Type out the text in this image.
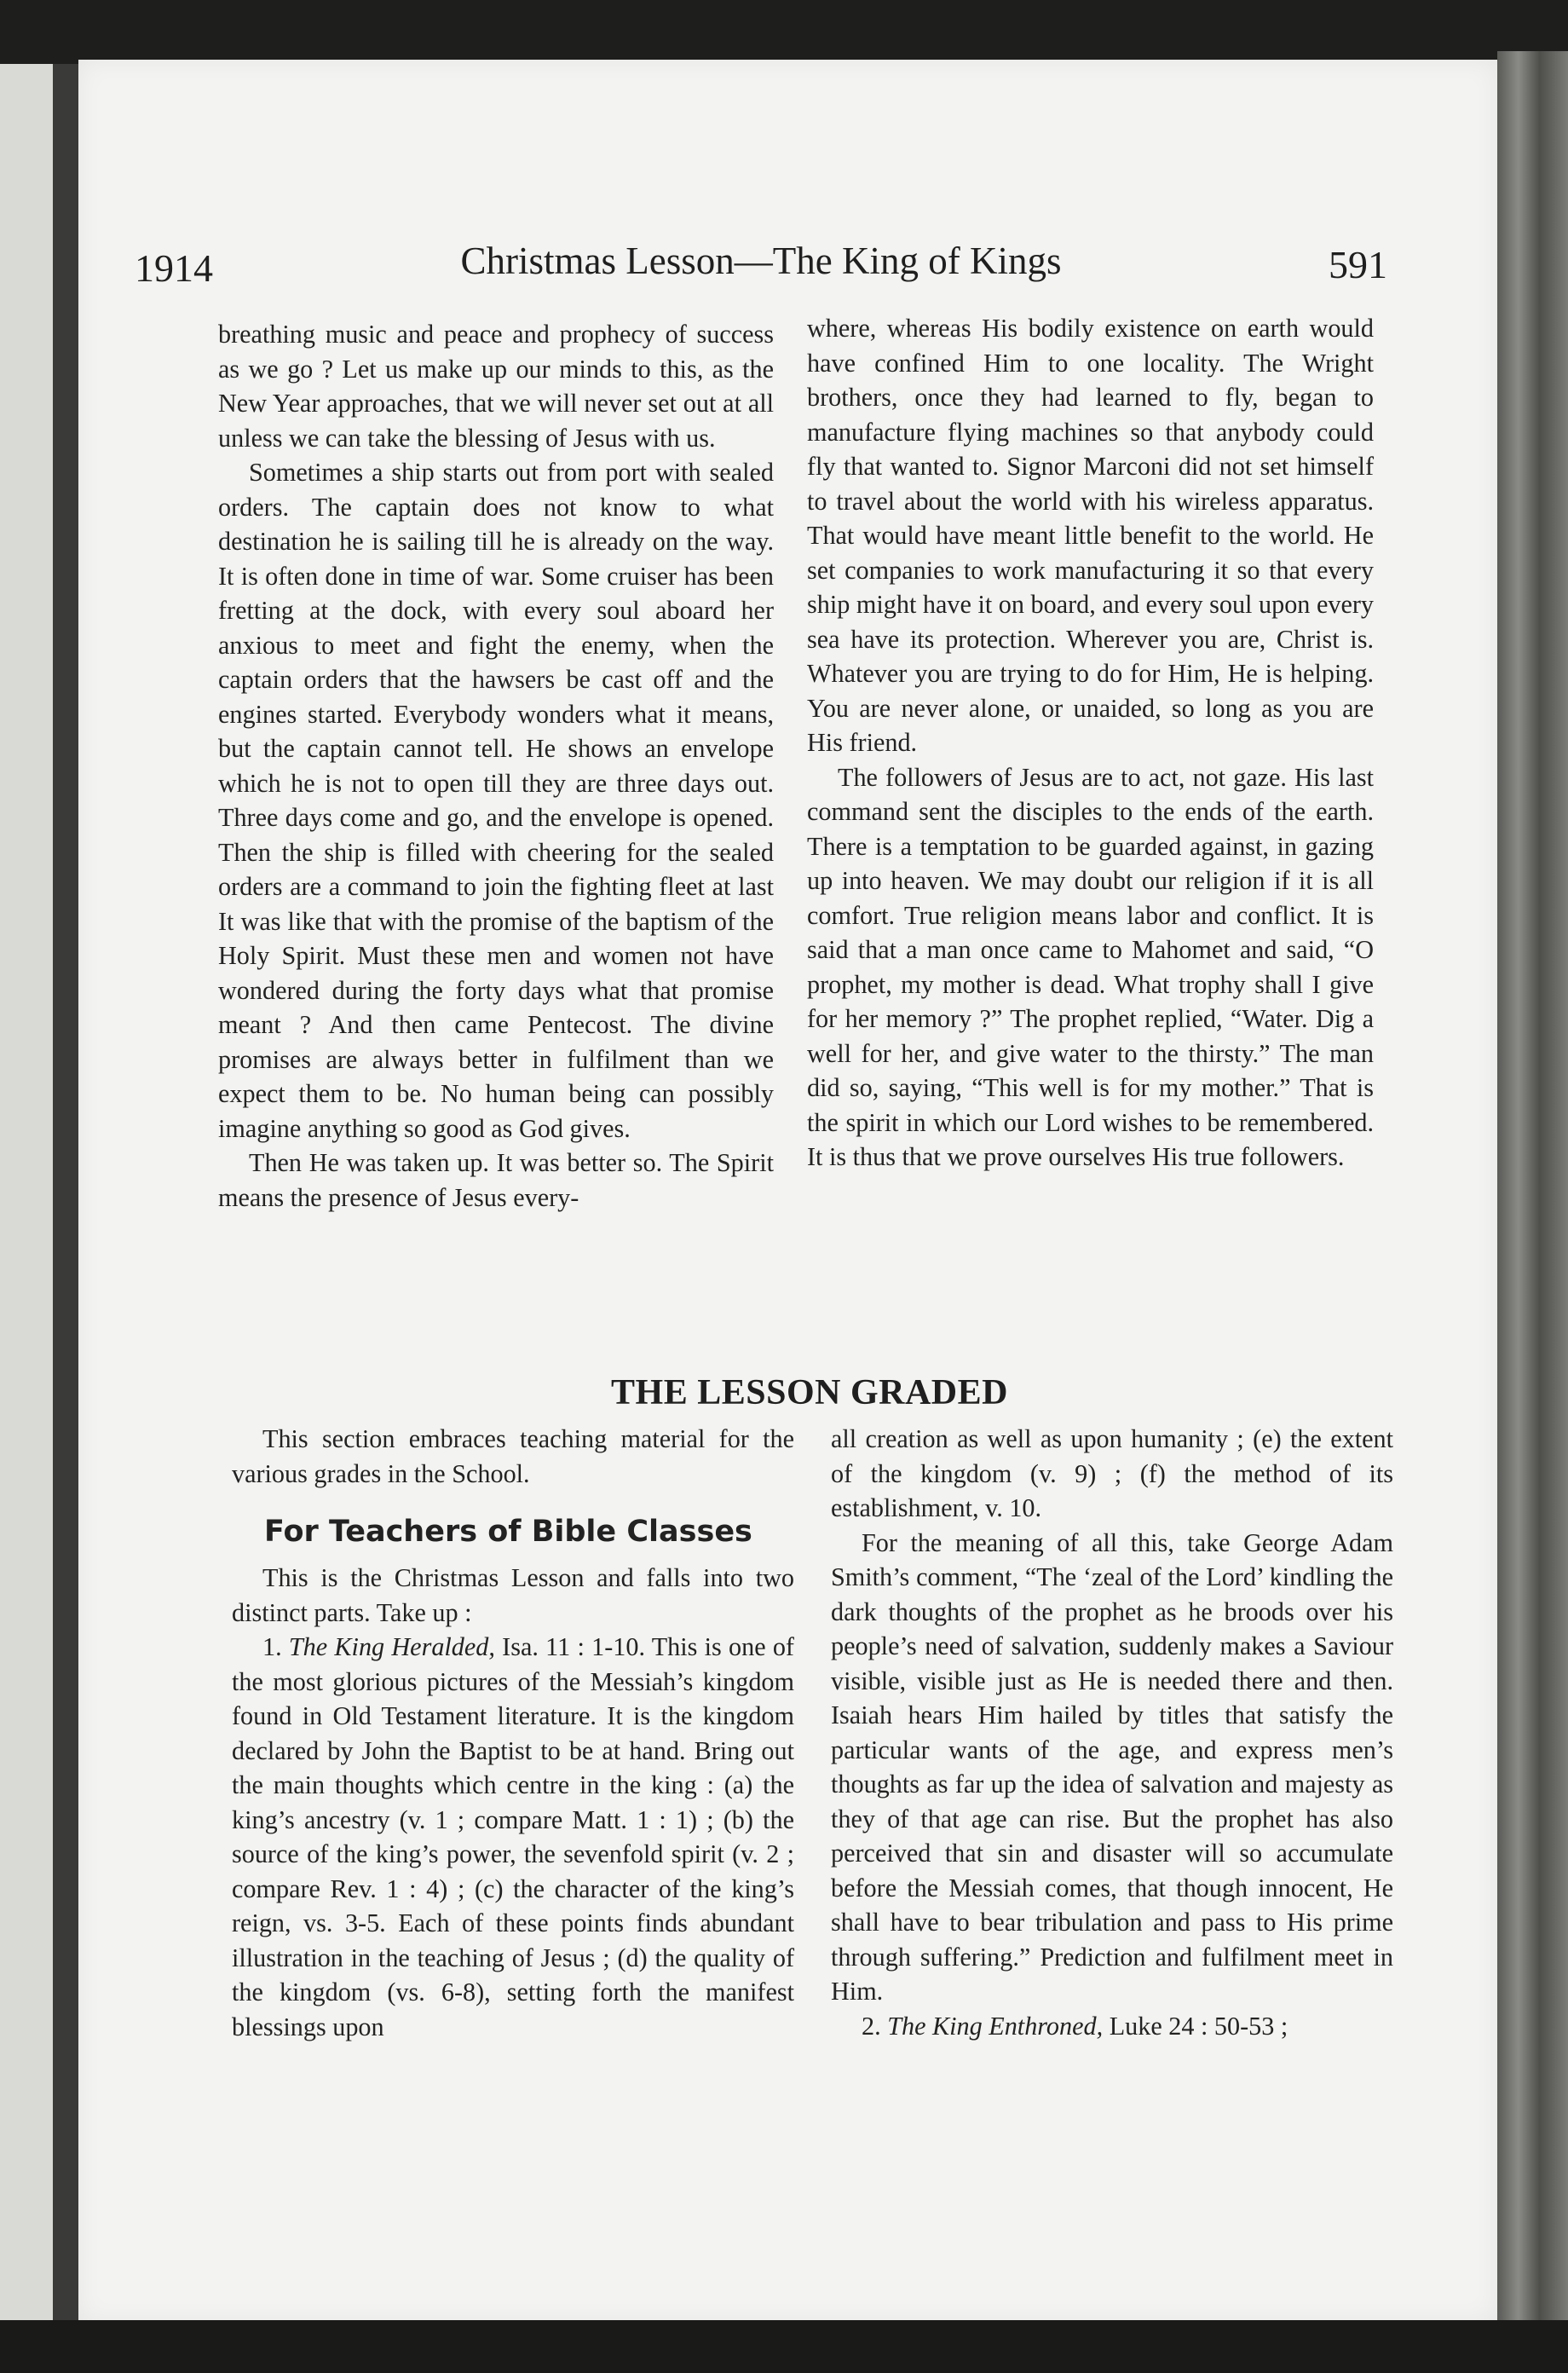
1914	Christmas Lesson—The King of Kings	591

breathing music and peace and prophecy of success as we go ? Let us make up our minds to this, as the New Year approaches, that we will never set out at all unless we can take the blessing of Jesus with us.

Sometimes a ship starts out from port with sealed orders. The captain does not know to what destination he is sailing till he is already on the way. It is often done in time of war. Some cruiser has been fretting at the dock, with every soul aboard her anxious to meet and fight the enemy, when the captain orders that the hawsers be cast off and the engines started. Everybody wonders what it means, but the captain cannot tell. He shows an envelope which he is not to open till they are three days out. Three days come and go, and the envelope is opened. Then the ship is filled with cheering for the sealed orders are a command to join the fighting fleet at last It was like that with the promise of the baptism of the Holy Spirit. Must these men and women not have wondered during the forty days what that promise meant ? And then came Pentecost. The divine promises are always better in fulfilment than we expect them to be. No human being can possibly imagine anything so good as God gives.

Then He was taken up. It was better so. The Spirit means the presence of Jesus every-

where, whereas His bodily existence on earth would have confined Him to one locality. The Wright brothers, once they had learned to fly, began to manufacture flying machines so that anybody could fly that wanted to. Signor Marconi did not set himself to travel about the world with his wireless apparatus. That would have meant little benefit to the world. He set companies to work manufacturing it so that every ship might have it on board, and every soul upon every sea have its protection. Wherever you are, Christ is. Whatever you are trying to do for Him, He is helping. You are never alone, or unaided, so long as you are His friend.

The followers of Jesus are to act, not gaze. His last command sent the disciples to the ends of the earth. There is a temptation to be guarded against, in gazing up into heaven. We may doubt our religion if it is all comfort. True religion means labor and conflict. It is said that a man once came to Mahomet and said, “O prophet, my mother is dead. What trophy shall I give for her memory ?” The prophet replied, “Water. Dig a well for her, and give water to the thirsty.” The man did so, saying, “This well is for my mother.” That is the spirit in which our Lord wishes to be remembered. It is thus that we prove ourselves His true followers.

THE LESSON GRADED

This section embraces teaching material for the various grades in the School.

For Teachers of Bible Classes

This is the Christmas Lesson and falls into two distinct parts. Take up :

1. The King Heralded, Isa. 11 : 1-10. This is one of the most glorious pictures of the Messiah’s kingdom found in Old Testament literature. It is the kingdom declared by John the Baptist to be at hand. Bring out the main thoughts which centre in the king : (a) the king’s ancestry (v. 1 ; compare Matt. 1 : 1) ; (b) the source of the king’s power, the sevenfold spirit (v. 2 ; compare Rev. 1 : 4) ; (c) the character of the king’s reign, vs. 3-5. Each of these points finds abundant illustration in the teaching of Jesus ; (d) the quality of the kingdom (vs. 6-8), setting forth the manifest blessings upon

all creation as well as upon humanity ; (e) the extent of the kingdom (v. 9) ; (f) the method of its establishment, v. 10.

For the meaning of all this, take George Adam Smith’s comment, “The ‘zeal of the Lord’ kindling the dark thoughts of the prophet as he broods over his people’s need of salvation, suddenly makes a Saviour visible, visible just as He is needed there and then. Isaiah hears Him hailed by titles that satisfy the particular wants of the age, and express men’s thoughts as far up the idea of salvation and majesty as they of that age can rise. But the prophet has also perceived that sin and disaster will so accumulate before the Messiah comes, that though innocent, He shall have to bear tribulation and pass to His prime through suffering.” Prediction and fulfilment meet in Him.

2. The King Enthroned, Luke 24 : 50-53 ;
